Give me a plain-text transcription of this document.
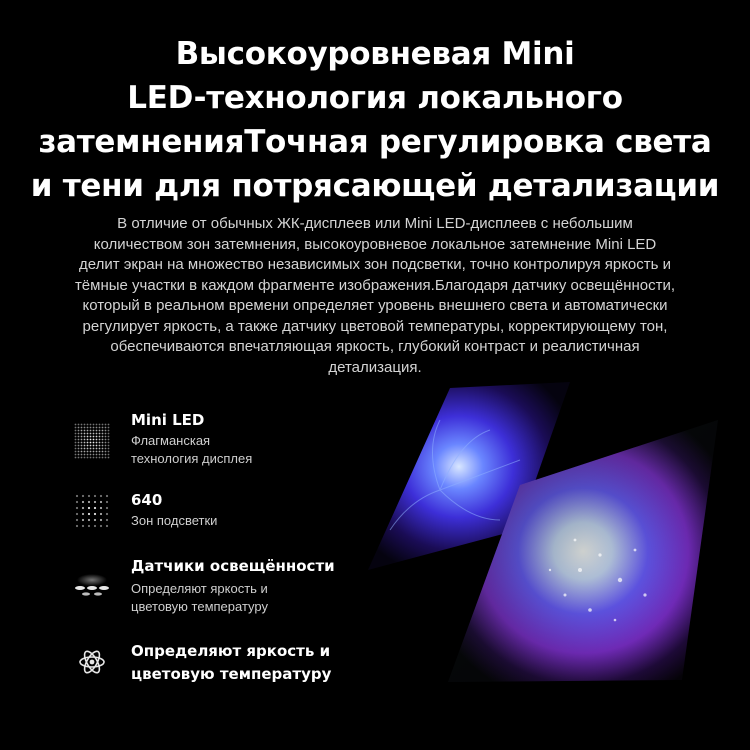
Высокоуровневая Mini
LED-технология локального
затемненияТочная регулировка света
и тени для потрясающей детализации
В отличие от обычных ЖК-дисплеев или Mini LED-дисплеев с небольшим
количеством зон затемнения, высокоуровневое локальное затемнение Mini LED
делит экран на множество независимых зон подсветки, точно контролируя яркость и
тёмные участки в каждом фрагменте изображения.Благодаря датчику освещённости,
который в реальном времени определяет уровень внешнего света и автоматически
регулирует яркость, а также датчику цветовой температуры, корректирующему тон,
обеспечиваются впечатляющая яркость, глубокий контраст и реалистичная
детализация.
Mini LED
Флагманская
технология дисплея
640
Зон подсветки
Датчики освещённости
Определяют яркость и
цветовую температуру
Определяют яркость и
цветовую температуру
